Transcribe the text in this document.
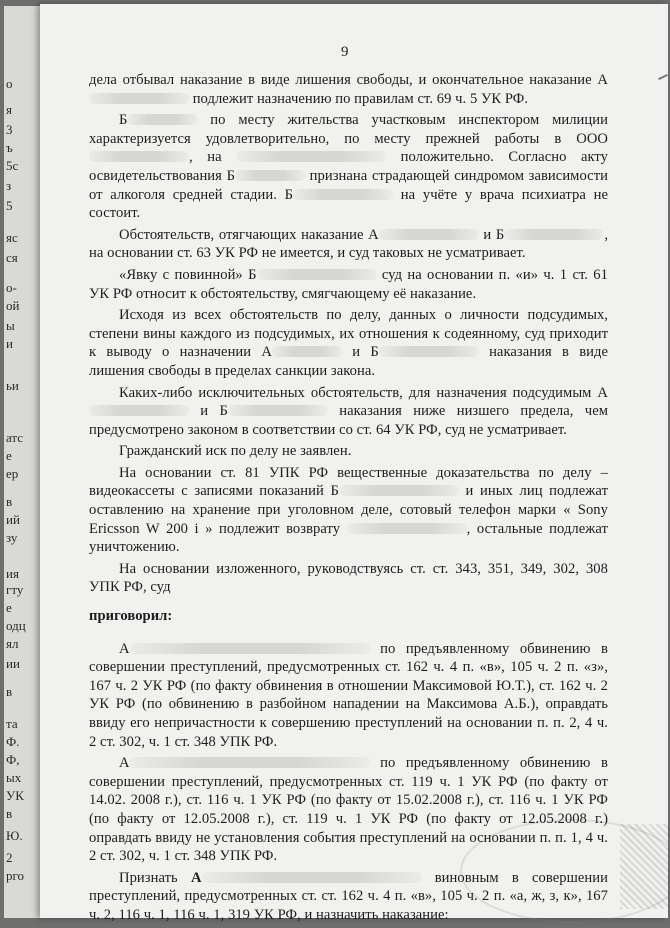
о
я
3
ъ
5с
з
5
яс
ся
о-
ой
ы
и
ьи
атс
е
ер
в
ий
зу
ия
гту
е
одц
ял
ии
в
та
Ф.
Ф,
ых
УК
в
Ю.
2
рго
9

дела отбывал наказание в виде лишения свободы, и окончательное наказание А подлежит назначению по правилам ст. 69 ч. 5 УК РФ.

Б	по месту жительства участковым инспектором милиции характеризуется удовлетворительно, по месту прежней работы в ООО , на	положительно. Согласно акту освидетельствования Б	признана страдающей синдромом зависимости от алкоголя средней стадии. Б	на учёте у врача психиатра не состоит.

Обстоятельств, отягчающих наказание А	и Б	, на основании ст. 63 УК РФ не имеется, и суд таковых не усматривает.

«Явку с повинной» Б	суд на основании п. «и» ч. 1 ст. 61 УК РФ относит к обстоятельству, смягчающему её наказание.

Исходя из всех обстоятельств по делу, данных о личности подсудимых, степени вины каждого из подсудимых, их отношения к содеянному, суд приходит к выводу о назначении А	и Б	наказания в виде лишения свободы в пределах санкции закона.

Каких-либо исключительных обстоятельств, для назначения подсудимым А и Б	наказания ниже низшего предела, чем предусмотрено законом в соответствии со ст. 64 УК РФ, суд не усматривает.

Гражданский иск по делу не заявлен.

На основании ст. 81 УПК РФ вещественные доказательства по делу – видеокассеты с записями показаний Б	и иных лиц подлежат оставлению на хранение при уголовном деле, сотовый телефон марки « Sony Ericsson W 200 i » подлежит возврату	, остальные подлежат уничтожению.

На основании изложенного, руководствуясь ст. ст. 343, 351, 349, 302, 308 УПК РФ, суд

приговорил:

А	по предъявленному обвинению в совершении преступлений, предусмотренных ст. 162 ч. 4 п. «в», 105 ч. 2 п. «з», 167 ч. 2 УК РФ (по факту обвинения в отношении Максимовой Ю.Т.), ст. 162 ч. 2 УК РФ (по обвинению в разбойном нападении на Максимова А.Б.), оправдать ввиду его непричастности к совершению преступлений на основании п. п. 2, 4 ч. 2 ст. 302, ч. 1 ст. 348 УПК РФ.

А	по предъявленному обвинению в совершении преступлений, предусмотренных ст. 119 ч. 1 УК РФ (по факту от 14.02. 2008 г.), ст. 116 ч. 1 УК РФ (по факту от 15.02.2008 г.), ст. 116 ч. 1 УК РФ (по факту от 12.05.2008 г.), ст. 119 ч. 1 УК РФ (по факту от 12.05.2008 г.) оправдать ввиду не установления события преступлений на основании п. п. 1, 4 ч. 2 ст. 302, ч. 1 ст. 348 УПК РФ.

Признать А	виновным в совершении преступлений, предусмотренных ст. ст. 162 ч. 4 п. «в», 105 ч. 2 п. «а, ж, з, к», 167 ч. 2, 116 ч. 1, 116 ч. 1, 319 УК РФ, и назначить наказание:
